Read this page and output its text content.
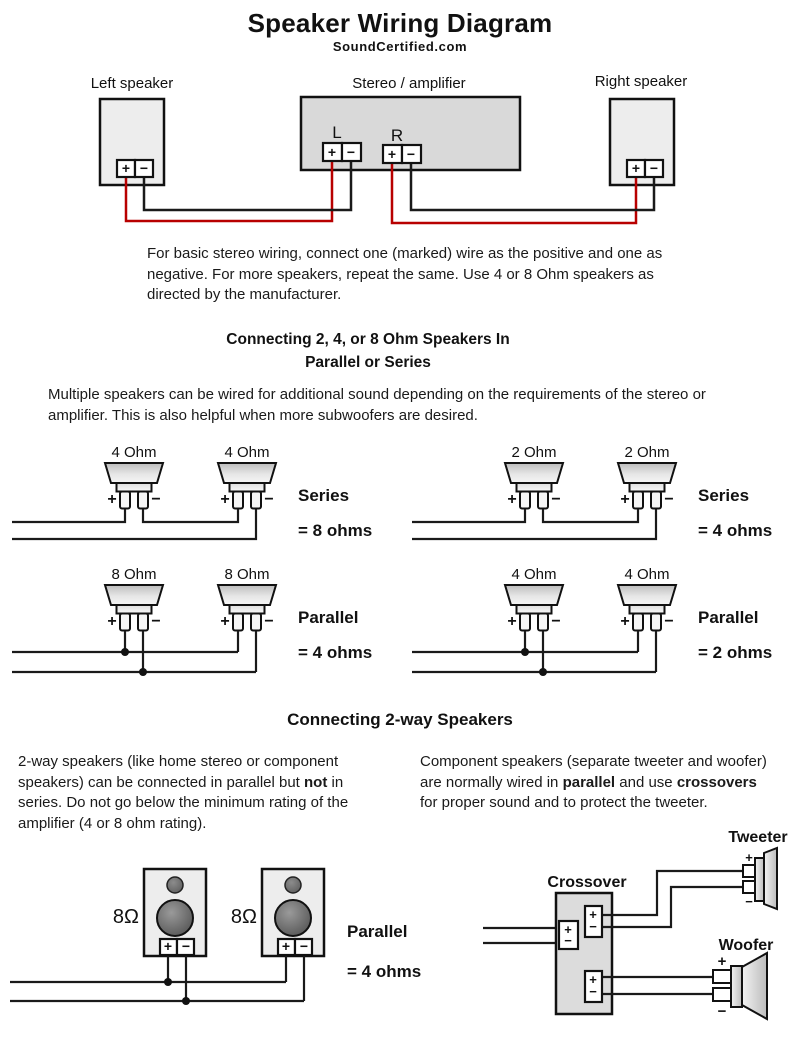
Speaker Wiring Diagram
SoundCertified.com
Left speaker	Stereo / amplifier	Right speaker
+ −
L
+ −
R
+ −
+ −
For basic stereo wiring, connect one (marked) wire as the positive and one as negative. For more speakers, repeat the same. Use 4 or 8 Ohm speakers as directed by the manufacturer.
Connecting 2, 4, or 8 Ohm Speakers In
Parallel or Series
Multiple speakers can be wired for additional sound depending on the requirements of the stereo or amplifier. This is also helpful when more subwoofers are desired.
4 Ohm	4 Ohm
+ −	+ − Series
= 8 ohms
2 Ohm	2 Ohm
+ −	+ − Series
= 4 ohms
8 Ohm	8 Ohm
+ −	+ − Parallel
= 4 ohms
4 Ohm	4 Ohm
+ −	+ − Parallel
= 2 ohms
Connecting 2-way Speakers
2-way speakers (like home stereo or component speakers) can be connected in parallel but not in series. Do not go below the minimum rating of the amplifier (4 or 8 ohm rating).
Component speakers (separate tweeter and woofer) are normally wired in parallel and use crossovers for proper sound and to protect the tweeter.
8Ω	8Ω
+ −	+ −
Parallel
= 4 ohms
Crossover
+
−
+
−
+
−
Tweeter
+
−
Woofer
+
−
